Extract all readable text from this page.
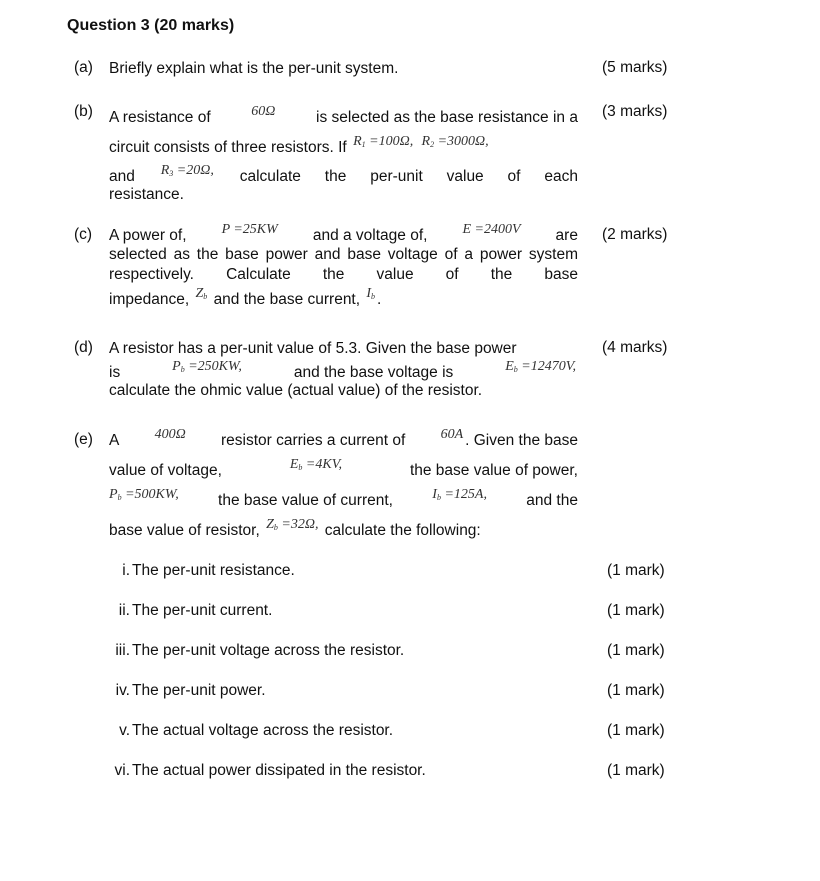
Question 3 (20 marks)
(a) Briefly explain what is the per-unit system.	(5 marks)
(b)	(3 marks)
A resistance of	60Ω	is selected as the base resistance in a
circuit consists of three resistors. If $R_1 =100\Omega$, $R_2 =3000\Omega$,
and $R_3 =20\Omega$, calculate the per-unit value of each
resistance.
(c)	(2 marks)
A power of,	P =25KW and a voltage of,	E =2400V are
selected as the base power and base voltage of a power system respectively. Calculate the value of the base
impedance, $Z_b$ and the base current, $I_b$ .
(d)	(4 marks)
A resistor has a per-unit value of 5.3. Given the base power
is	$P_b =250KW$,	and the base voltage is	$E_b =12470V$,
calculate the ohmic value (actual value) of the resistor.
(e) A	400Ω resistor carries a current of	60A . Given the base
value of voltage,	$E_b =4KV$,	the base value of power,
$P_b =500KW$,	the base value of current,	$I_b =125A$,	and the
base value of resistor, $Z_b =32\Omega$, calculate the following:
i. The per-unit resistance.	(1 mark)
ii. The per-unit current.	(1 mark)
iii. The per-unit voltage across the resistor.	(1 mark)
iv. The per-unit power.	(1 mark)
v. The actual voltage across the resistor.	(1 mark)
vi. The actual power dissipated in the resistor.	(1 mark)
